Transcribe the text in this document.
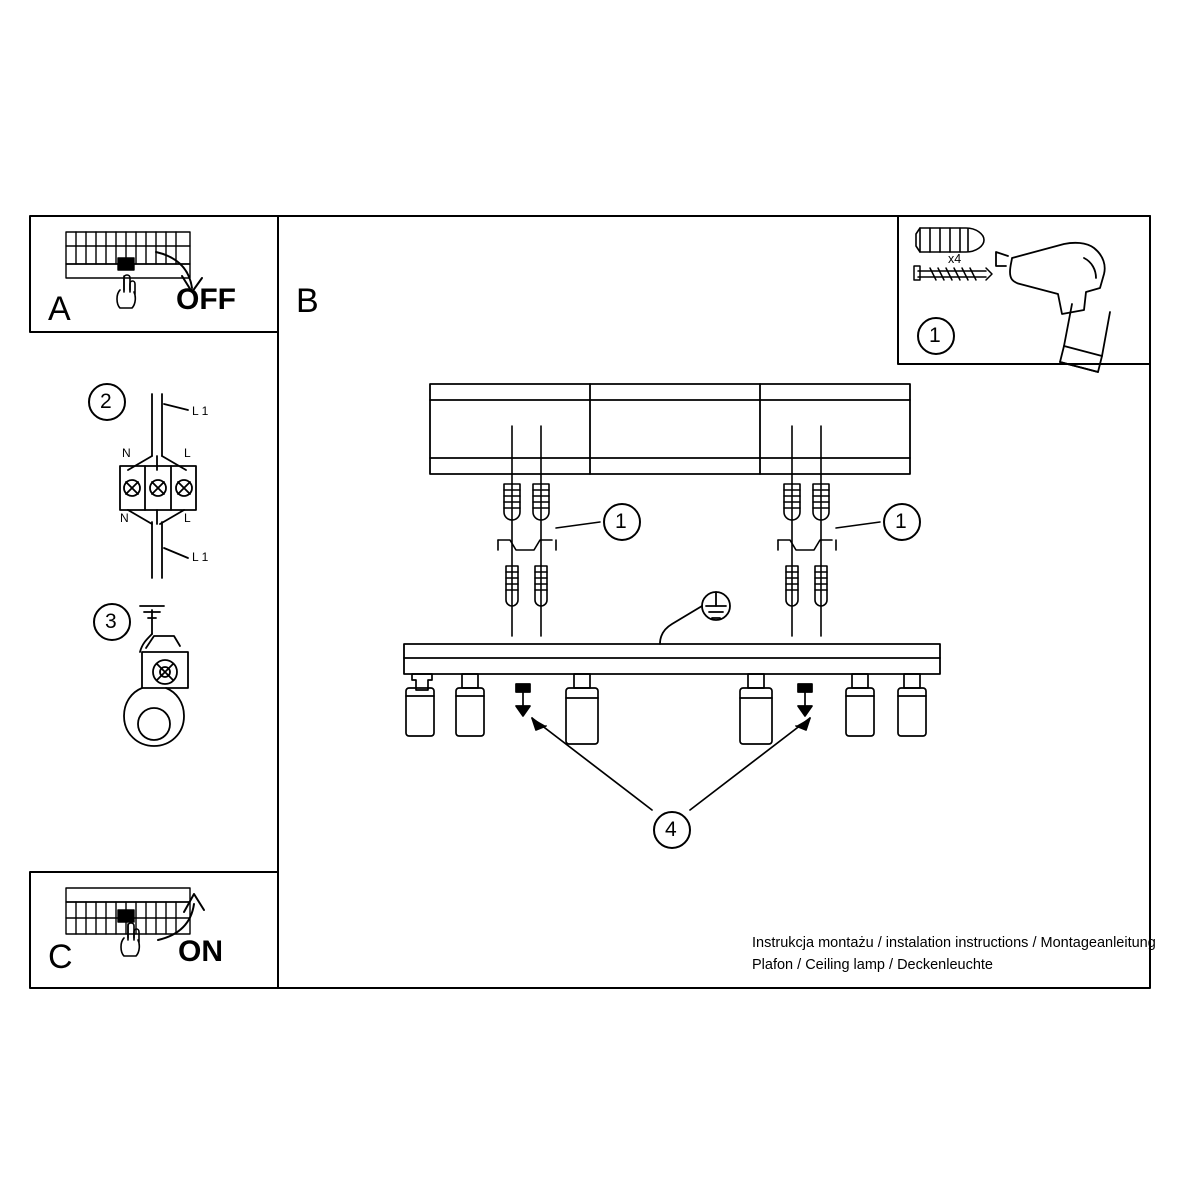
A	OFF B
C	ON
x4
1
2
3
L 1
N	L
N	L
L 1
1	1
4
Instrukcja montażu / instalation instructions / Montageanleitung
Plafon / Ceiling lamp / Deckenleuchte
